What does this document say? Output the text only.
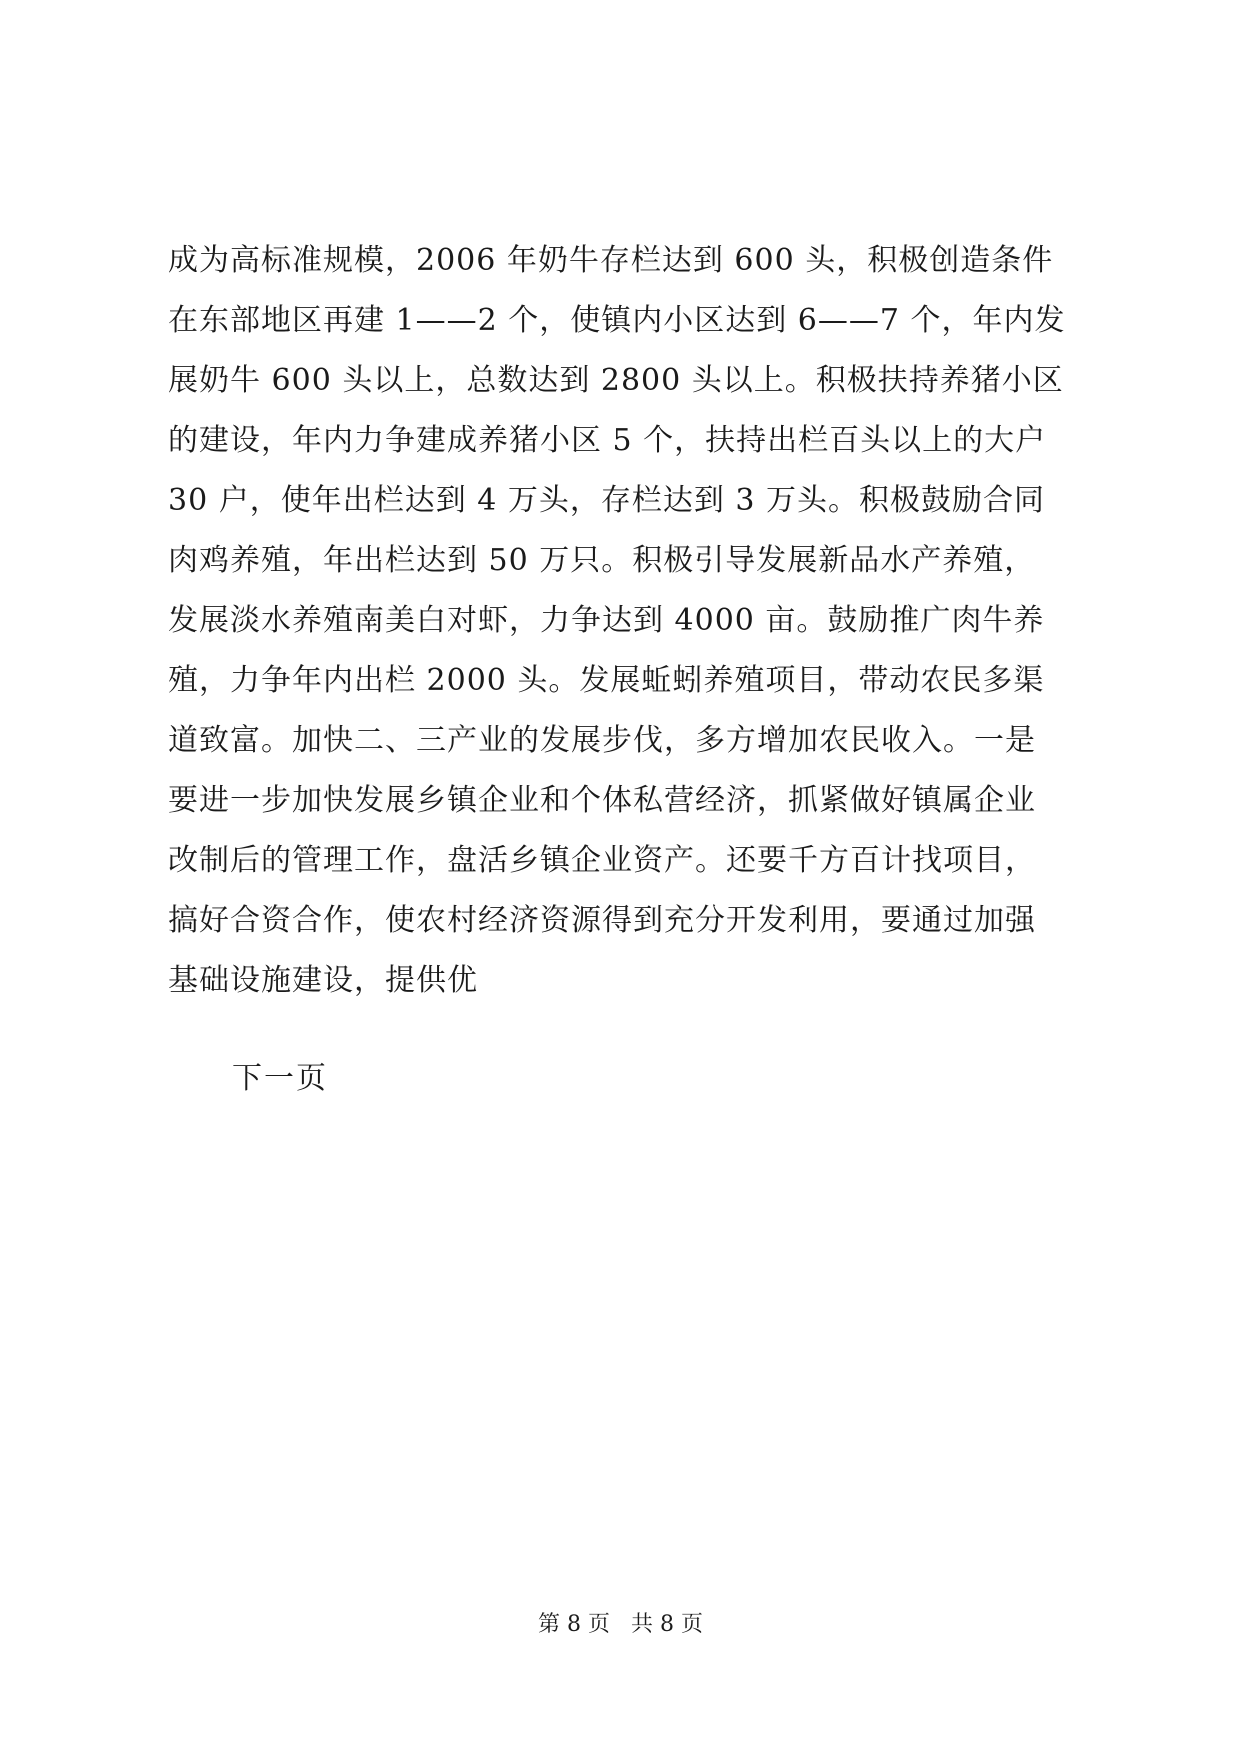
成为高标准规模，2006 年奶牛存栏达到 600 头，积极创造条件
在东部地区再建 1——2 个，使镇内小区达到 6——7 个，年内发
展奶牛 600 头以上，总数达到 2800 头以上。积极扶持养猪小区
的建设，年内力争建成养猪小区 5 个，扶持出栏百头以上的大户
30 户，使年出栏达到 4 万头，存栏达到 3 万头。积极鼓励合同
肉鸡养殖，年出栏达到 50 万只。积极引导发展新品水产养殖，
发展淡水养殖南美白对虾，力争达到 4000 亩。鼓励推广肉牛养
殖，力争年内出栏 2000 头。发展蚯蚓养殖项目，带动农民多渠
道致富。加快二、三产业的发展步伐，多方增加农民收入。一是
要进一步加快发展乡镇企业和个体私营经济，抓紧做好镇属企业
改制后的管理工作，盘活乡镇企业资产。还要千方百计找项目，
搞好合资合作，使农村经济资源得到充分开发利用，要通过加强
基础设施建设，提供优
下一页
第 8 页 共 8 页
